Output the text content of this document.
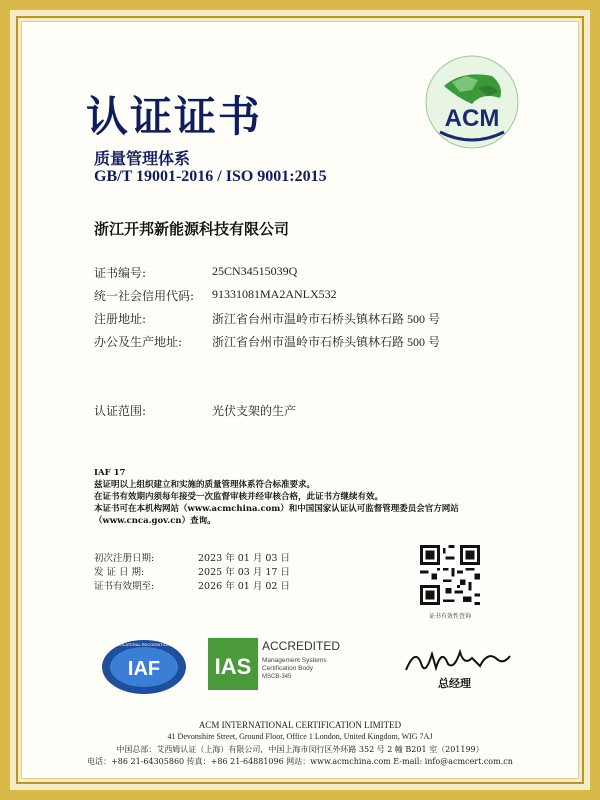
ACM
认证证书
质量管理体系
GB/T 19001-2016 / ISO 9001:2015
浙江开邦新能源科技有限公司
证书编号:	25CN34515039Q
统一社会信用代码: 91331081MA2ANLX532
注册地址:	浙江省台州市温岭市石桥头镇林石路 500 号
办公及生产地址: 浙江省台州市温岭市石桥头镇林石路 500 号
认证范围:	光伏支架的生产
IAF 17
兹证明以上组织建立和实施的质量管理体系符合标准要求。
在证书有效期内须每年接受一次监督审核并经审核合格，此证书方继续有效。
本证书可在本机构网站（www.acmchina.com）和中国国家认证认可监督管理委员会官方网站
（www.cnca.gov.cn）查询。
初次注册日期:	2023 年 01 月 03 日
发 证 日 期:	2025 年 03 月 17 日
证书有效期至:	2026 年 01 月 02 日
证书有效性查询
IAF
MEMBER OF MULTILATERAL RECOGNITION ARRANGEMENT
IAS
ACCREDITED
Management Systems
Certification Body
MSCB-345	总经理
ACM INTERNATIONAL CERTIFICATION LIMITED
41 Devonshire Street, Ground Floor, Office 1 London, United Kingdom, WIG 7AJ
中国总部：艾西姆认证（上海）有限公司，中国上海市闵行区外环路 352 号 2 幢 B201 室（201199）
电话：+86 21-64305860 传真：+86 21-64881096 网站：www.acmchina.com E-mail: info@acmcert.com.cn
